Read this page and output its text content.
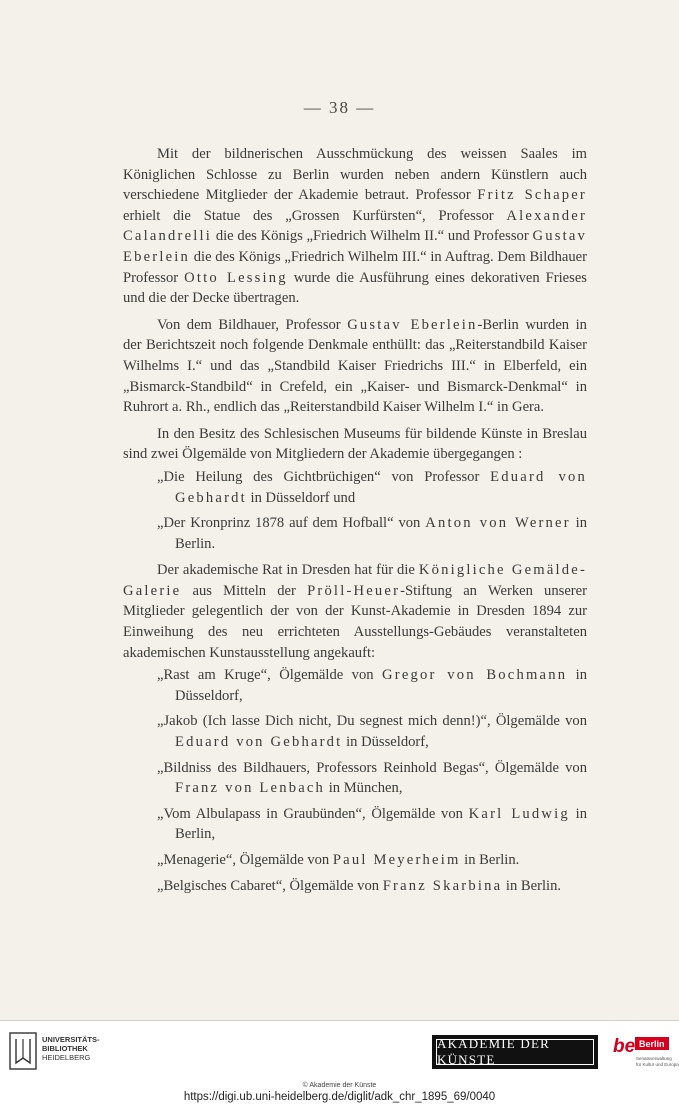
— 38 —

Mit der bildnerischen Ausschmückung des weissen Saales im Königlichen Schlosse zu Berlin wurden neben andern Künstlern auch verschiedene Mitglieder der Akademie betraut. Professor Fritz Schaper erhielt die Statue des „Grossen Kurfürsten“, Professor Alexander Calandrelli die des Königs „Friedrich Wilhelm II.“ und Professor Gustav Eberlein die des Königs „Friedrich Wilhelm III.“ in Auftrag. Dem Bildhauer Professor Otto Lessing wurde die Ausführung eines dekorativen Frieses und die der Decke übertragen.

Von dem Bildhauer, Professor Gustav Eberlein-Berlin wurden in der Berichtszeit noch folgende Denkmale enthüllt: das „Reiterstandbild Kaiser Wilhelms I.“ und das „Standbild Kaiser Friedrichs III.“ in Elberfeld, ein „Bismarck-Standbild“ in Crefeld, ein „Kaiser- und Bismarck-Denkmal“ in Ruhrort a. Rh., endlich das „Reiterstandbild Kaiser Wilhelm I.“ in Gera.

In den Besitz des Schlesischen Museums für bildende Künste in Breslau sind zwei Ölgemälde von Mitgliedern der Akademie übergegangen :

„Die Heilung des Gichtbrüchigen“ von Professor Eduard von Gebhardt in Düsseldorf und

„Der Kronprinz 1878 auf dem Hofball“ von Anton von Werner in Berlin.

Der akademische Rat in Dresden hat für die Königliche Gemälde-Galerie aus Mitteln der Pröll-Heuer-Stiftung an Werken unserer Mitglieder gelegentlich der von der Kunst-Akademie in Dresden 1894 zur Einweihung des neu errichteten Ausstellungs-Gebäudes veranstalteten akademischen Kunstausstellung angekauft:

„Rast am Kruge“, Ölgemälde von Gregor von Bochmann in Düsseldorf,

„Jakob (Ich lasse Dich nicht, Du segnest mich denn!)“, Ölgemälde von Eduard von Gebhardt in Düsseldorf,

„Bildniss des Bildhauers, Professors Reinhold Begas“, Ölgemälde von Franz von Lenbach in München,

„Vom Albulapass in Graubünden“, Ölgemälde von Karl Ludwig in Berlin,

„Menagerie“, Ölgemälde von Paul Meyerheim in Berlin.

„Belgisches Cabaret“, Ölgemälde von Franz Skarbina in Berlin.

UNIVERSITÄTS-
BIBLIOTHEK
HEIDELBERG
AKADEMIE DER KÜNSTE
be Berlin
Senatsverwaltung
für Kultur und Europa
© Akademie der Künste
https://digi.ub.uni-heidelberg.de/diglit/adk_chr_1895_69/0040
